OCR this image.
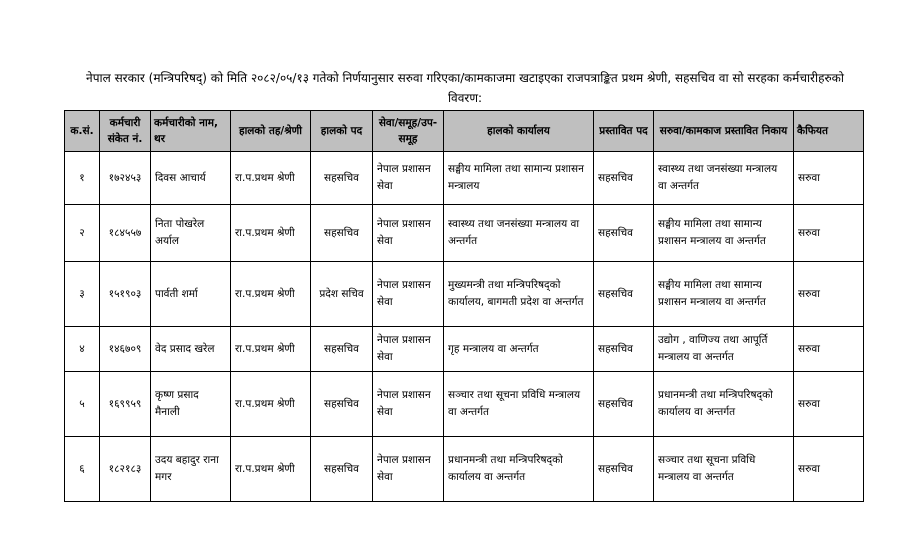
नेपाल सरकार (मन्त्रिपरिषद्) को मिति २०८२/०५/१३ गतेको निर्णयानुसार सरुवा गरिएका/कामकाजमा खटाइएका राजपत्राङ्कित प्रथम श्रेणी, सहसचिव वा सो सरहका कर्मचारीहरुको विवरण:
क.सं.	कर्मचारी संकेत नं.	कर्मचारीको नाम, थर	हालको तह/श्रेणी	हालको पद	सेवा/समूह/उप-समूह	हालको कार्यालय	प्रस्तावित पद	सरुवा/कामकाज प्रस्तावित निकाय	कैफियत
१	१७२४५३	दिवस आचार्य	रा.प.प्रथम श्रेणी	सहसचिव	नेपाल प्रशासन सेवा	सङ्घीय मामिला तथा सामान्य प्रशासन मन्त्रालय	सहसचिव	स्वास्थ्य तथा जनसंख्या मन्त्रालय वा अन्तर्गत	सरुवा
२	१८४५५७	निता पोखरेल अर्याल	रा.प.प्रथम श्रेणी	सहसचिव	नेपाल प्रशासन सेवा	स्वास्थ्य तथा जनसंख्या मन्त्रालय वा अन्तर्गत	सहसचिव	सङ्घीय मामिला तथा सामान्य प्रशासन मन्त्रालय वा अन्तर्गत	सरुवा
३	१५१९०३	पार्वती शर्मा	रा.प.प्रथम श्रेणी	प्रदेश सचिव	नेपाल प्रशासन सेवा	मुख्यमन्त्री तथा मन्त्रिपरिषद्को कार्यालय, बागमती प्रदेश वा अन्तर्गत	सहसचिव	सङ्घीय मामिला तथा सामान्य प्रशासन मन्त्रालय वा अन्तर्गत	सरुवा
४	१४६७०९	वेद प्रसाद खरेल	रा.प.प्रथम श्रेणी	सहसचिव	नेपाल प्रशासन सेवा	गृह मन्त्रालय वा अन्तर्गत	सहसचिव	उद्योग , वाणिज्य तथा आपूर्ति मन्त्रालय वा अन्तर्गत	सरुवा
५	१६९९५९	कृष्ण प्रसाद मैनाली	रा.प.प्रथम श्रेणी	सहसचिव	नेपाल प्रशासन सेवा	सञ्चार तथा सूचना प्रविधि मन्त्रालय वा अन्तर्गत	सहसचिव	प्रधानमन्त्री तथा मन्त्रिपरिषद्को कार्यालय वा अन्तर्गत	सरुवा
६	१८२१८३	उदय बहादुर राना मगर	रा.प.प्रथम श्रेणी	सहसचिव	नेपाल प्रशासन सेवा	प्रधानमन्त्री तथा मन्त्रिपरिषद्को कार्यालय वा अन्तर्गत	सहसचिव	सञ्चार तथा सूचना प्रविधि मन्त्रालय वा अन्तर्गत	सरुवा
